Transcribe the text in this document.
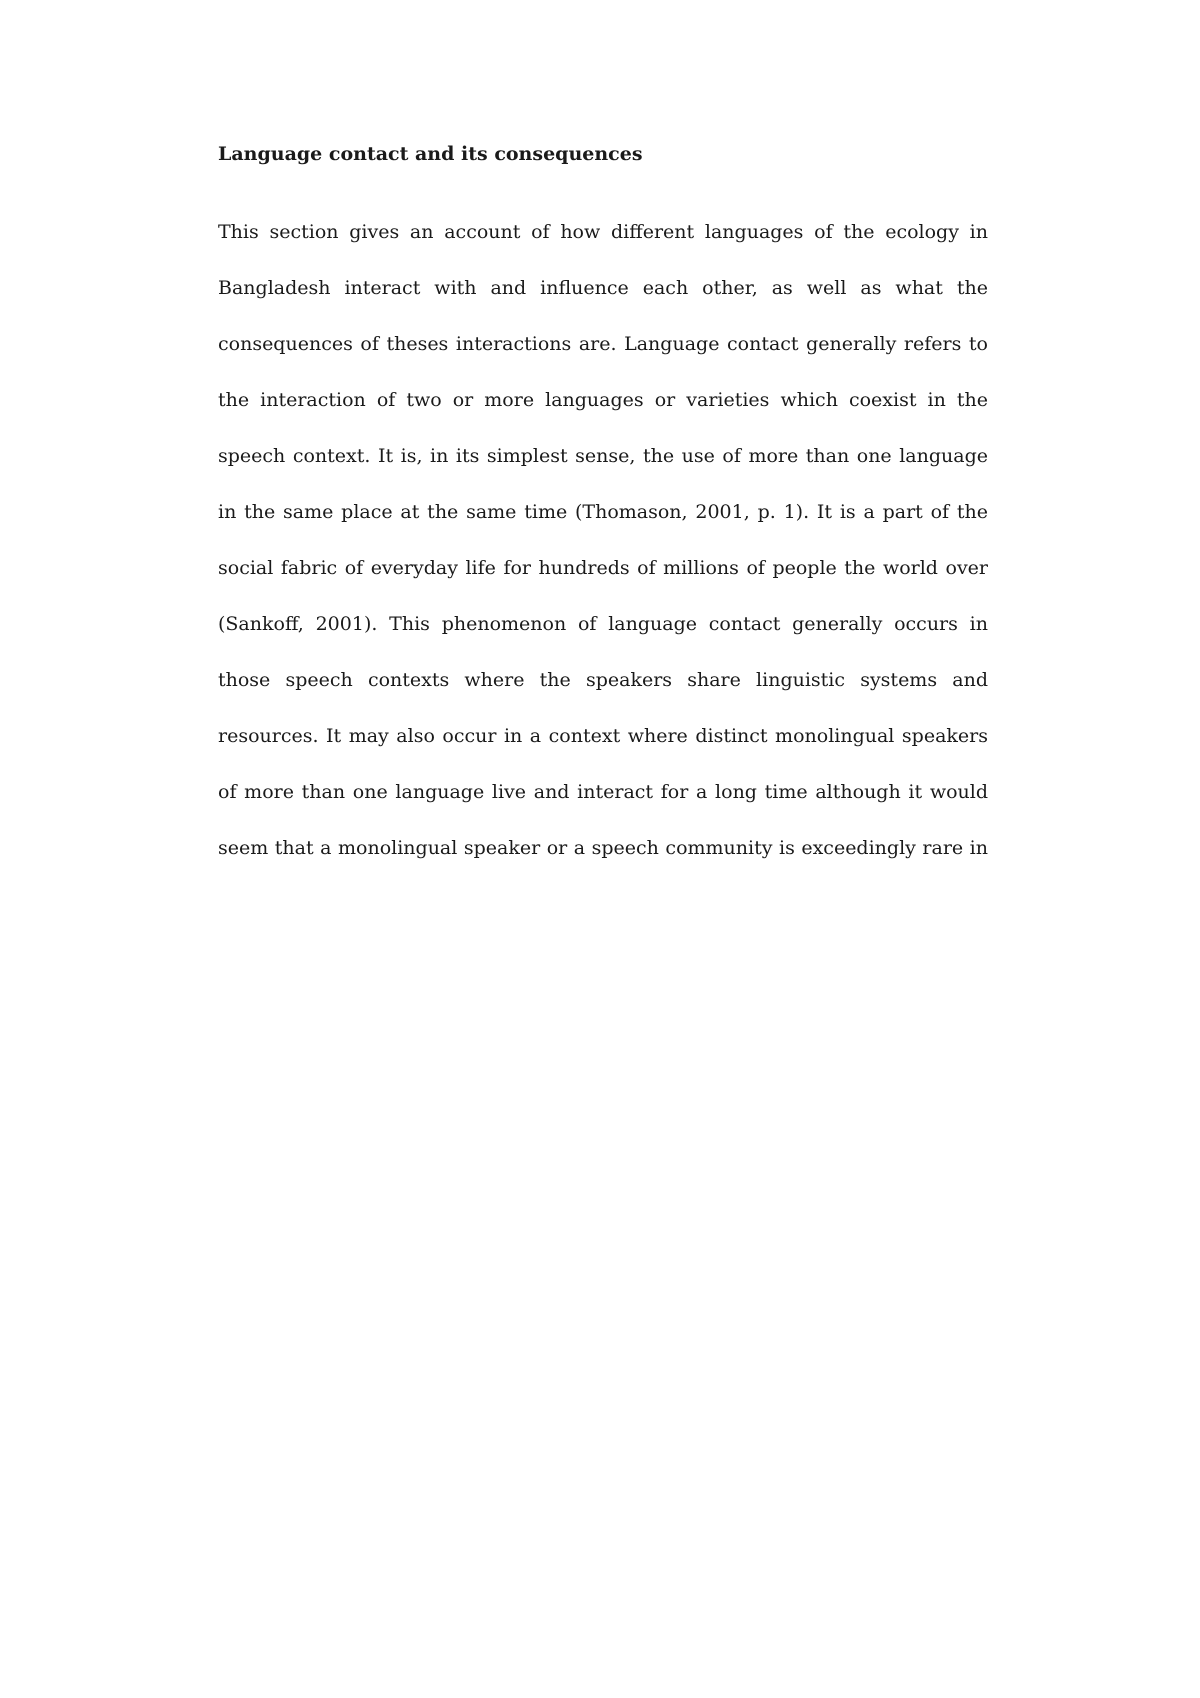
Language contact and its consequences
This section gives an account of how different languages of the ecology in
Bangladesh interact with and influence each other, as well as what the
consequences of theses interactions are. Language contact generally refers to
the interaction of two or more languages or varieties which coexist in the
speech context. It is, in its simplest sense, the use of more than one language
in the same place at the same time (Thomason, 2001, p. 1). It is a part of the
social fabric of everyday life for hundreds of millions of people the world over
(Sankoff, 2001). This phenomenon of language contact generally occurs in
those speech contexts where the speakers share linguistic systems and
resources. It may also occur in a context where distinct monolingual speakers
of more than one language live and interact for a long time although it would
seem that a monolingual speaker or a speech community is exceedingly rare in
